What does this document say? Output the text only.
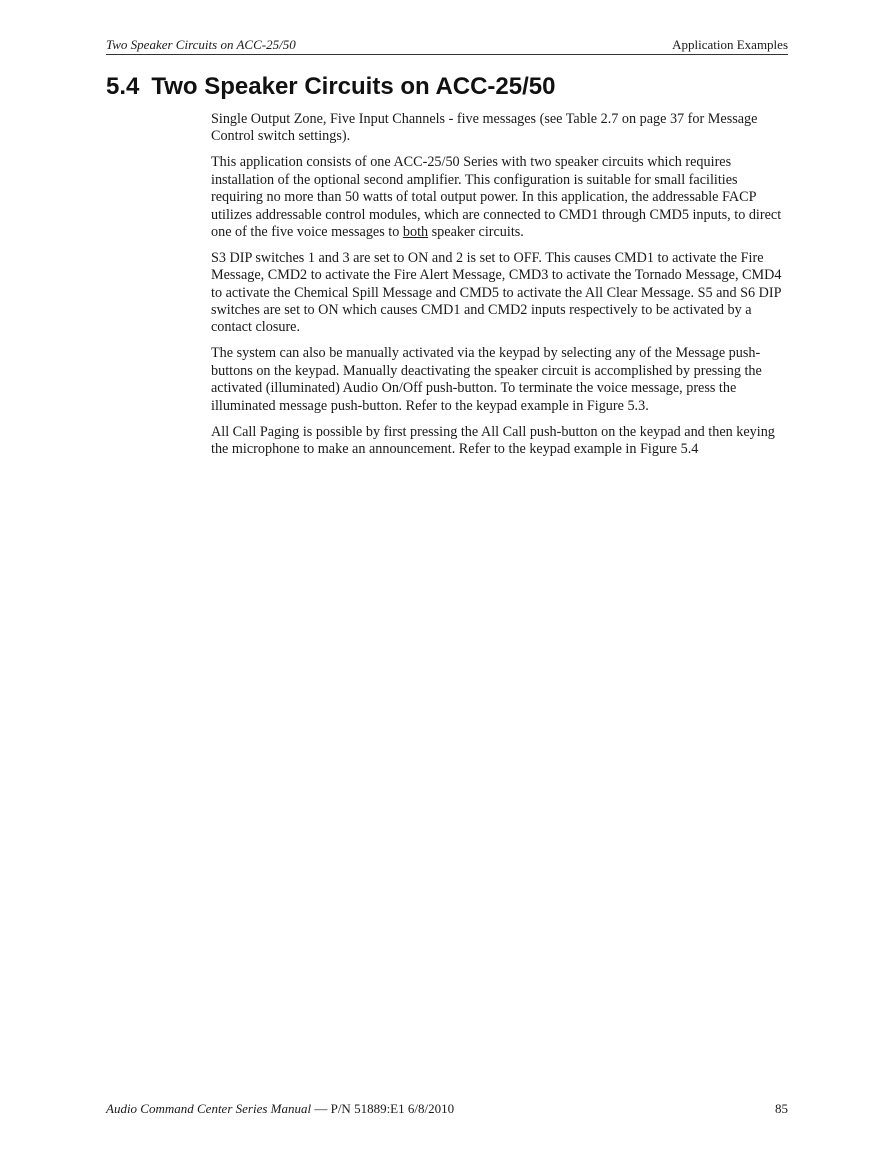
Two Speaker Circuits on ACC-25/50	Application Examples
5.4 Two Speaker Circuits on ACC-25/50

Single Output Zone, Five Input Channels - five messages (see Table 2.7 on page 37 for Message Control switch settings).

This application consists of one ACC-25/50 Series with two speaker circuits which requires installation of the optional second amplifier. This configuration is suitable for small facilities requiring no more than 50 watts of total output power. In this application, the addressable FACP utilizes addressable control modules, which are connected to CMD1 through CMD5 inputs, to direct one of the five voice messages to both speaker circuits.

S3 DIP switches 1 and 3 are set to ON and 2 is set to OFF. This causes CMD1 to activate the Fire Message, CMD2 to activate the Fire Alert Message, CMD3 to activate the Tornado Message, CMD4 to activate the Chemical Spill Message and CMD5 to activate the All Clear Message. S5 and S6 DIP switches are set to ON which causes CMD1 and CMD2 inputs respectively to be activated by a contact closure.

The system can also be manually activated via the keypad by selecting any of the Message push-buttons on the keypad. Manually deactivating the speaker circuit is accomplished by pressing the activated (illuminated) Audio On/Off push-button. To terminate the voice message, press the illuminated message push-button. Refer to the keypad example in Figure 5.3.

All Call Paging is possible by first pressing the All Call push-button on the keypad and then keying the microphone to make an announcement. Refer to the keypad example in Figure 5.4

Audio Command Center Series Manual — P/N 51889:E1 6/8/2010	85
